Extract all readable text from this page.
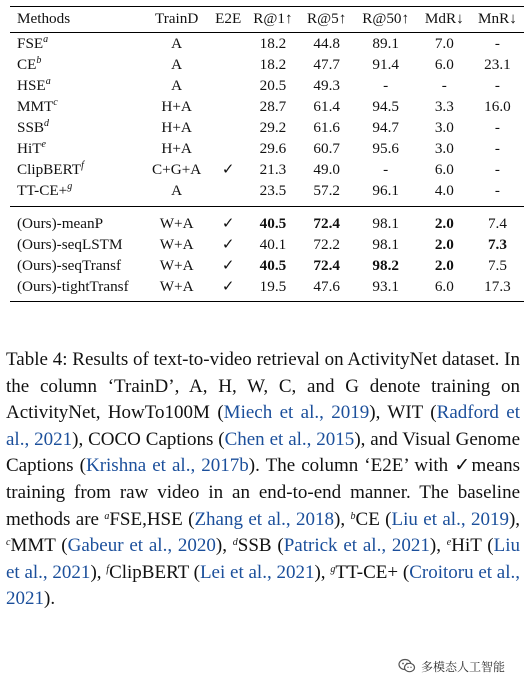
Methods	TrainD	E2E	R@1↑	R@5↑	R@50↑	MdR↓	MnR↓
FSE$^a$	A		18.2	44.8	89.1	7.0	-
$CE^b$	A		18.2	47.7	91.4	6.0	23.1
HSE$^a$	A		20.5	49.3	-	-	-
MMT$^c$	H+A		28.7	61.4	94.5	3.3	16.0
SSB$^d$	H+A		29.2	61.6	94.7	3.0	-
HiT$^e$	H+A		29.6	60.7	95.6	3.0	-
ClipBERT$^f$	C+G+A	✓	21.3	49.0	-	6.0	-
TT-CE+$^g$	A		23.5	57.2	96.1	4.0	-
(Ours)-meanP	W+A	✓	40.5	72.4	98.1	2.0	7.4
(Ours)-seqLSTM	W+A	✓	40.1	72.2	98.1	2.0	7.3
(Ours)-seqTransf	W+A	✓	40.5	72.4	98.2	2.0	7.5
(Ours)-tightTransf	W+A	✓	19.5	47.6	93.1	6.0	17.3

Table 4: Results of text-to-video retrieval on ActivityNet dataset. In the column ‘TrainD’, A, H, W, C, and G denote training on ActivityNet, HowTo100M (Miech et al., 2019), WIT (Radford et al., 2021), COCO Captions (Chen et al., 2015), and Visual Genome Captions (Krishna et al., 2017b). The column ‘E2E’ with ✓means training from raw video in an end-to-end manner. The baseline methods are $^a$FSE,HSE (Zhang et al., 2018), $^b$CE (Liu et al., 2019), $^c$MMT (Gabeur et al., 2020), $^d$SSB (Patrick et al., 2021), $^e$HiT (Liu et al., 2021), $^f$ClipBERT (Lei et al., 2021), $^g$TT-CE+ (Croitoru et al., 2021).

多模态人工智能
